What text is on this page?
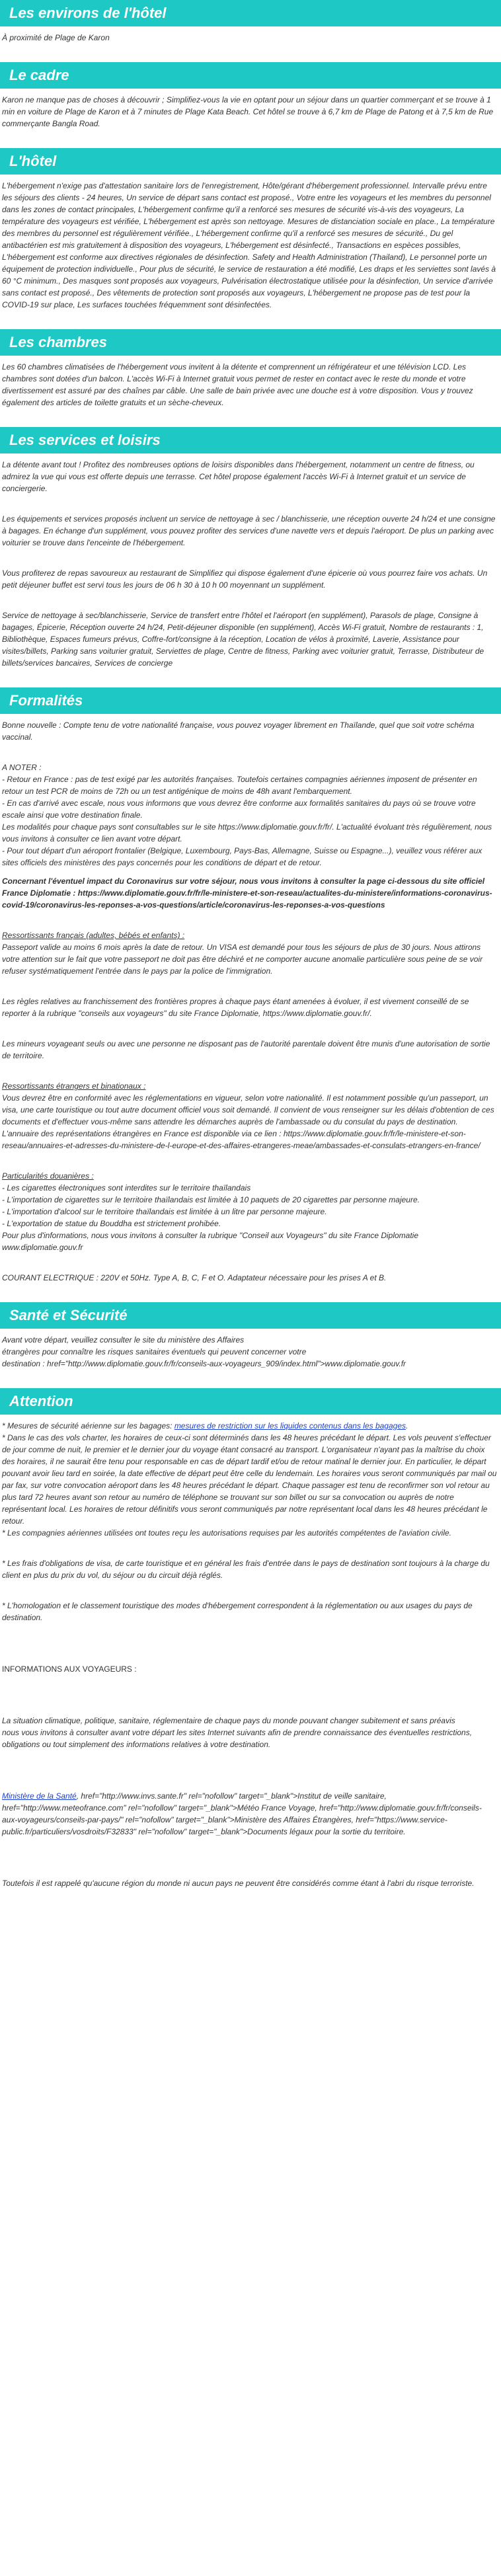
Les environs de l'hôtel

À proximité de Plage de Karon

Le cadre

Karon ne manque pas de choses à découvrir ; Simplifiez-vous la vie en optant pour un séjour dans un quartier commerçant et se trouve à 1 min en voiture de Plage de Karon et à 7 minutes de Plage Kata Beach. Cet hôtel se trouve à 6,7 km de Plage de Patong et à 7,5 km de Rue commerçante Bangla Road.

L'hôtel

L'hébergement n'exige pas d'attestation sanitaire lors de l'enregistrement, Hôte/gérant d'hébergement professionnel. Intervalle prévu entre les séjours des clients - 24 heures, Un service de départ sans contact est proposé., Votre entre les voyageurs et les membres du personnel dans les zones de contact principales, L'hébergement confirme qu'il a renforcé ses mesures de sécurité vis-à-vis des voyageurs, La température des voyageurs est vérifiée, L'hébergement est après son nettoyage. Mesures de distanciation sociale en place., La température des membres du personnel est régulièrement vérifiée., L'hébergement confirme qu'il a renforcé ses mesures de sécurité., Du gel antibactérien est mis gratuitement à disposition des voyageurs, L'hébergement est désinfecté., Transactions en espèces possibles, L'hébergement est conforme aux directives régionales de désinfection. Safety and Health Administration (Thailand), Le personnel porte un équipement de protection individuelle., Pour plus de sécurité, le service de restauration a été modifié, Les draps et les serviettes sont lavés à 60 °C minimum., Des masques sont proposés aux voyageurs, Pulvérisation électrostatique utilisée pour la désinfection, Un service d'arrivée sans contact est proposé., Des vêtements de protection sont proposés aux voyageurs, L'hébergement ne propose pas de test pour la COVID-19 sur place, Les surfaces touchées fréquemment sont désinfectées.

Les chambres

Les 60 chambres climatisées de l'hébergement vous invitent à la détente et comprennent un réfrigérateur et une télévision LCD. Les chambres sont dotées d'un balcon. L'accès Wi-Fi à Internet gratuit vous permet de rester en contact avec le reste du monde et votre divertissement est assuré par des chaînes par câble. Une salle de bain privée avec une douche est à votre disposition. Vous y trouvez également des articles de toilette gratuits et un sèche-cheveux.

Les services et loisirs

La détente avant tout ! Profitez des nombreuses options de loisirs disponibles dans l'hébergement, notamment un centre de fitness, ou admirez la vue qui vous est offerte depuis une terrasse. Cet hôtel propose également l'accès Wi-Fi à Internet gratuit et un service de conciergerie.

Les équipements et services proposés incluent un service de nettoyage à sec / blanchisserie, une réception ouverte 24 h/24 et une consigne à bagages. En échange d'un supplément, vous pouvez profiter des services d'une navette vers et depuis l'aéroport. De plus un parking avec voiturier se trouve dans l'enceinte de l'hébergement.

Vous profiterez de repas savoureux au restaurant de Simplifiez qui dispose également d'une épicerie où vous pourrez faire vos achats. Un petit déjeuner buffet est servi tous les jours de 06 h 30 à 10 h 00 moyennant un supplément.

Service de nettoyage à sec/blanchisserie, Service de transfert entre l'hôtel et l'aéroport (en supplément), Parasols de plage, Consigne à bagages, Épicerie, Réception ouverte 24 h/24, Petit-déjeuner disponible (en supplément), Accès Wi-Fi gratuit, Nombre de restaurants : 1, Bibliothèque, Espaces fumeurs prévus, Coffre-fort/consigne à la réception, Location de vélos à proximité, Laverie, Assistance pour visites/billets, Parking sans voiturier gratuit, Serviettes de plage, Centre de fitness, Parking avec voiturier gratuit, Terrasse, Distributeur de billets/services bancaires, Services de concierge

Formalités

Bonne nouvelle : Compte tenu de votre nationalité française, vous pouvez voyager librement en Thaïlande, quel que soit votre schéma vaccinal.

A NOTER :

- Retour en France : pas de test exigé par les autorités françaises. Toutefois certaines compagnies aériennes imposent de présenter en retour un test PCR de moins de 72h ou un test antigénique de moins de 48h avant l'embarquement.
- En cas d'arrivé avec escale, nous vous informons que vous devrez être conforme aux formalités sanitaires du pays où se trouve votre escale ainsi que votre destination finale.
Les modalités pour chaque pays sont consultables sur le site https://www.diplomatie.gouv.fr/fr/. L'actualité évoluant très régulièrement, nous vous invitons à consulter ce lien avant votre départ.
- Pour tout départ d'un aéroport frontalier (Belgique, Luxembourg, Pays-Bas, Allemagne, Suisse ou Espagne...), veuillez vous référer aux sites officiels des ministères des pays concernés pour les conditions de départ et de retour.

Concernant l'éventuel impact du Coronavirus sur votre séjour, nous vous invitons à consulter la page ci-dessous du site officiel France Diplomatie : https://www.diplomatie.gouv.fr/fr/le-ministere-et-son-reseau/actualites-du-ministere/informations-coronavirus-covid-19/coronavirus-les-reponses-a-vos-questions/article/coronavirus-les-reponses-a-vos-questions

Ressortissants français (adultes, bébés et enfants) :

Passeport valide au moins 6 mois après la date de retour. Un VISA est demandé pour tous les séjours de plus de 30 jours. Nous attirons votre attention sur le fait que votre passeport ne doit pas être déchiré et ne comporter aucune anomalie particulière sous peine de se voir refuser systématiquement l'entrée dans le pays par la police de l'immigration.

Les règles relatives au franchissement des frontières propres à chaque pays étant amenées à évoluer, il est vivement conseillé de se reporter à la rubrique "conseils aux voyageurs" du site France Diplomatie, https://www.diplomatie.gouv.fr/.

Les mineurs voyageant seuls ou avec une personne ne disposant pas de l'autorité parentale doivent être munis d'une autorisation de sortie de territoire.

Ressortissants étrangers et binationaux :

Vous devrez être en conformité avec les réglementations en vigueur, selon votre nationalité. Il est notamment possible qu'un passeport, un visa, une carte touristique ou tout autre document officiel vous soit demandé. Il convient de vous renseigner sur les délais d'obtention de ces documents et d'effectuer vous-même sans attendre les démarches auprès de l'ambassade ou du consulat du pays de destination.
L'annuaire des représentations étrangères en France est disponible via ce lien : https://www.diplomatie.gouv.fr/fr/le-ministere-et-son-reseau/annuaires-et-adresses-du-ministere-de-l-europe-et-des-affaires-etrangeres-meae/ambassades-et-consulats-etrangers-en-france/

Particularités douanières :

- Les cigarettes électroniques sont interdites sur le territoire thaïlandais
- L'importation de cigarettes sur le territoire thaïlandais est limitée à 10 paquets de 20 cigarettes par personne majeure.
- L'importation d'alcool sur le territoire thaïlandais est limitée à un litre par personne majeure.
- L'exportation de statue du Bouddha est strictement prohibée.
Pour plus d'informations, nous vous invitons à consulter la rubrique "Conseil aux Voyageurs" du site France Diplomatie www.diplomatie.gouv.fr

COURANT ELECTRIQUE : 220V et 50Hz. Type A, B, C, F et O. Adaptateur nécessaire pour les prises A et B.

Santé et Sécurité

Avant votre départ, veuillez consulter le site du ministère des Affaires
étrangères pour connaître les risques sanitaires éventuels qui peuvent concerner votre
destination : href="http://www.diplomatie.gouv.fr/fr/conseils-aux-voyageurs_909/index.html">www.diplomatie.gouv.fr

Attention

* Mesures de sécurité aérienne sur les bagages: mesures de restriction sur les liquides contenus dans les bagages.
* Dans le cas des vols charter, les horaires de ceux-ci sont déterminés dans les 48 heures précédant le départ. Les vols peuvent s'effectuer de jour comme de nuit, le premier et le dernier jour du voyage étant consacré au transport. L'organisateur n'ayant pas la maîtrise du choix des horaires, il ne saurait être tenu pour responsable en cas de départ tardif et/ou de retour matinal le dernier jour. En particulier, le départ pouvant avoir lieu tard en soirée, la date effective de départ peut être celle du lendemain. Les horaires vous seront communiqués par mail ou par fax, sur votre convocation aéroport dans les 48 heures précédant le départ. Chaque passager est tenu de reconfirmer son vol retour au plus tard 72 heures avant son retour au numéro de téléphone se trouvant sur son billet ou sur sa convocation ou auprès de notre représentant local. Les horaires de retour définitifs vous seront communiqués par notre représentant local dans les 48 heures précédant le retour.
* Les compagnies aériennes utilisées ont toutes reçu les autorisations requises par les autorités compétentes de l'aviation civile.

* Les frais d'obligations de visa, de carte touristique et en général les frais d'entrée dans le pays de destination sont toujours à la charge du client en plus du prix du vol, du séjour ou du circuit déjà réglés.

* L'homologation et le classement touristique des modes d'hébergement correspondent à la réglementation ou aux usages du pays de destination.

INFORMATIONS AUX VOYAGEURS :

La situation climatique, politique, sanitaire, réglementaire de chaque pays du monde pouvant changer subitement et sans préavis
nous vous invitons à consulter avant votre départ les sites Internet suivants afin de prendre connaissance des éventuelles restrictions, obligations ou tout simplement des informations relatives à votre destination.

Ministère de la Santé, href="http://www.invs.sante.fr" rel="nofollow" target="_blank">Institut de veille sanitaire, href="http://www.meteofrance.com" rel="nofollow" target="_blank">Météo France Voyage, href="http://www.diplomatie.gouv.fr/fr/conseils-aux-voyageurs/conseils-par-pays/" rel="nofollow" target="_blank">Ministère des Affaires Étrangères, href="https://www.service-public.fr/particuliers/vosdroits/F32833" rel="nofollow" target="_blank">Documents légaux pour la sortie du territoire.

Toutefois il est rappelé qu'aucune région du monde ni aucun pays ne peuvent être considérés comme étant à l'abri du risque terroriste.
